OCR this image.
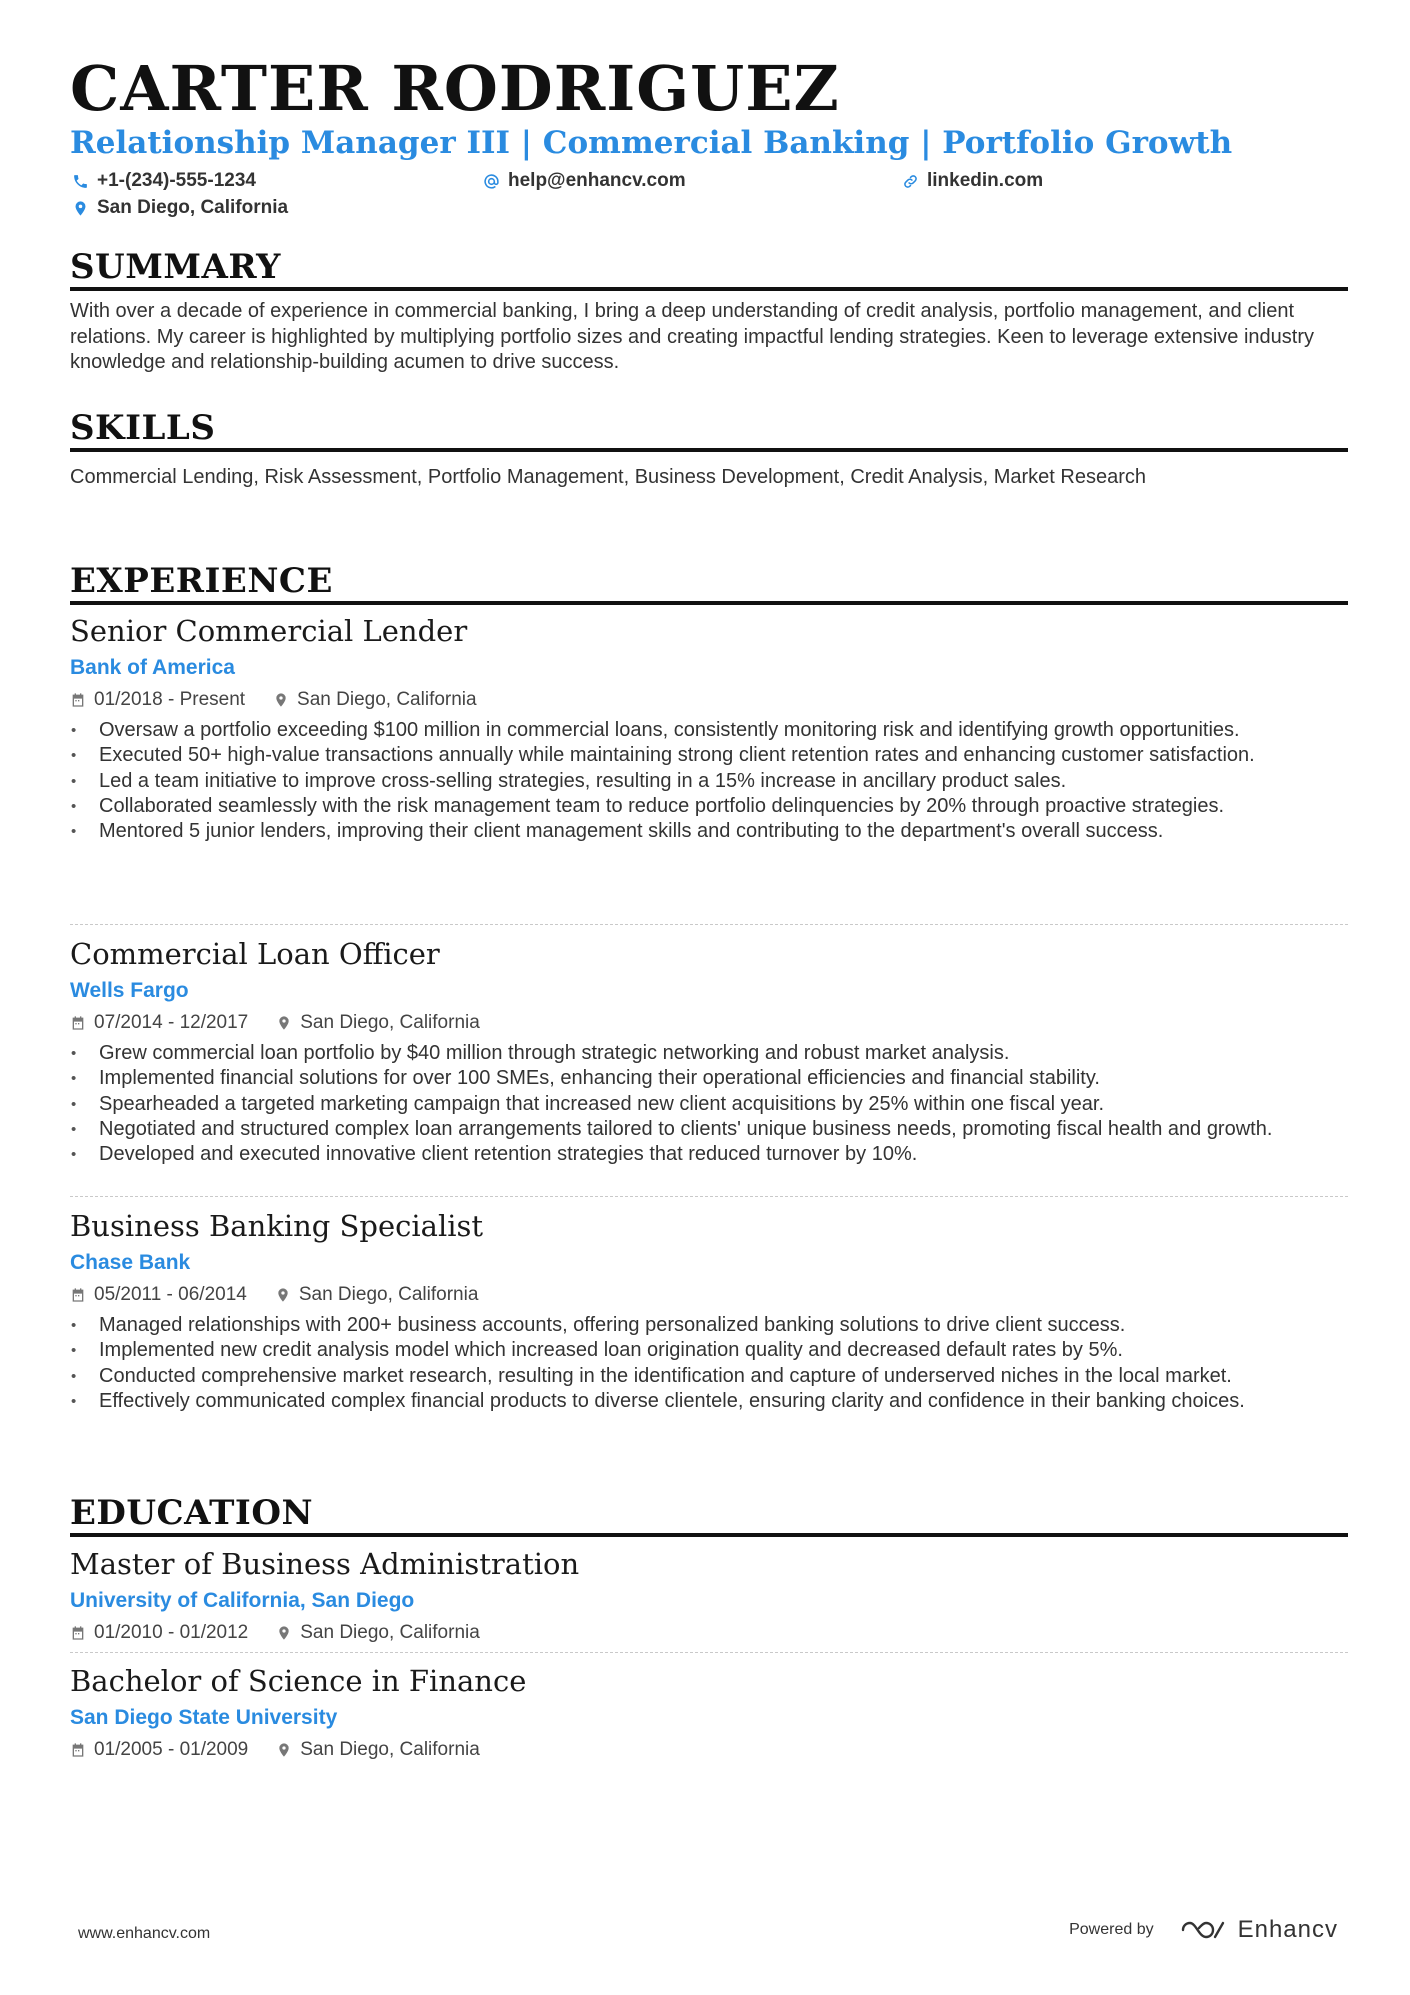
CARTER RODRIGUEZ
Relationship Manager III | Commercial Banking | Portfolio Growth
+1-(234)-555-1234	help@enhancv.com	linkedin.com
San Diego, California
SUMMARY
With over a decade of experience in commercial banking, I bring a deep understanding of credit analysis, portfolio management, and client relations. My career is highlighted by multiplying portfolio sizes and creating impactful lending strategies. Keen to leverage extensive industry knowledge and relationship-building acumen to drive success.
SKILLS
Commercial Lending, Risk Assessment, Portfolio Management, Business Development, Credit Analysis, Market Research
EXPERIENCE
Senior Commercial Lender
Bank of America
01/2018 - Present	San Diego, California
• Oversaw a portfolio exceeding $100 million in commercial loans, consistently monitoring risk and identifying growth opportunities.
• Executed 50+ high-value transactions annually while maintaining strong client retention rates and enhancing customer satisfaction.
• Led a team initiative to improve cross-selling strategies, resulting in a 15% increase in ancillary product sales.
• Collaborated seamlessly with the risk management team to reduce portfolio delinquencies by 20% through proactive strategies.
• Mentored 5 junior lenders, improving their client management skills and contributing to the department's overall success.
Commercial Loan Officer
Wells Fargo
07/2014 - 12/2017	San Diego, California
• Grew commercial loan portfolio by $40 million through strategic networking and robust market analysis.
• Implemented financial solutions for over 100 SMEs, enhancing their operational efficiencies and financial stability.
• Spearheaded a targeted marketing campaign that increased new client acquisitions by 25% within one fiscal year.
• Negotiated and structured complex loan arrangements tailored to clients' unique business needs, promoting fiscal health and growth.
• Developed and executed innovative client retention strategies that reduced turnover by 10%.
Business Banking Specialist
Chase Bank
05/2011 - 06/2014	San Diego, California
• Managed relationships with 200+ business accounts, offering personalized banking solutions to drive client success.
• Implemented new credit analysis model which increased loan origination quality and decreased default rates by 5%.
• Conducted comprehensive market research, resulting in the identification and capture of underserved niches in the local market.
• Effectively communicated complex financial products to diverse clientele, ensuring clarity and confidence in their banking choices.
EDUCATION
Master of Business Administration
University of California, San Diego
01/2010 - 01/2012	San Diego, California
Bachelor of Science in Finance
San Diego State University
01/2005 - 01/2009	San Diego, California
www.enhancv.com	Powered by	Enhancv
